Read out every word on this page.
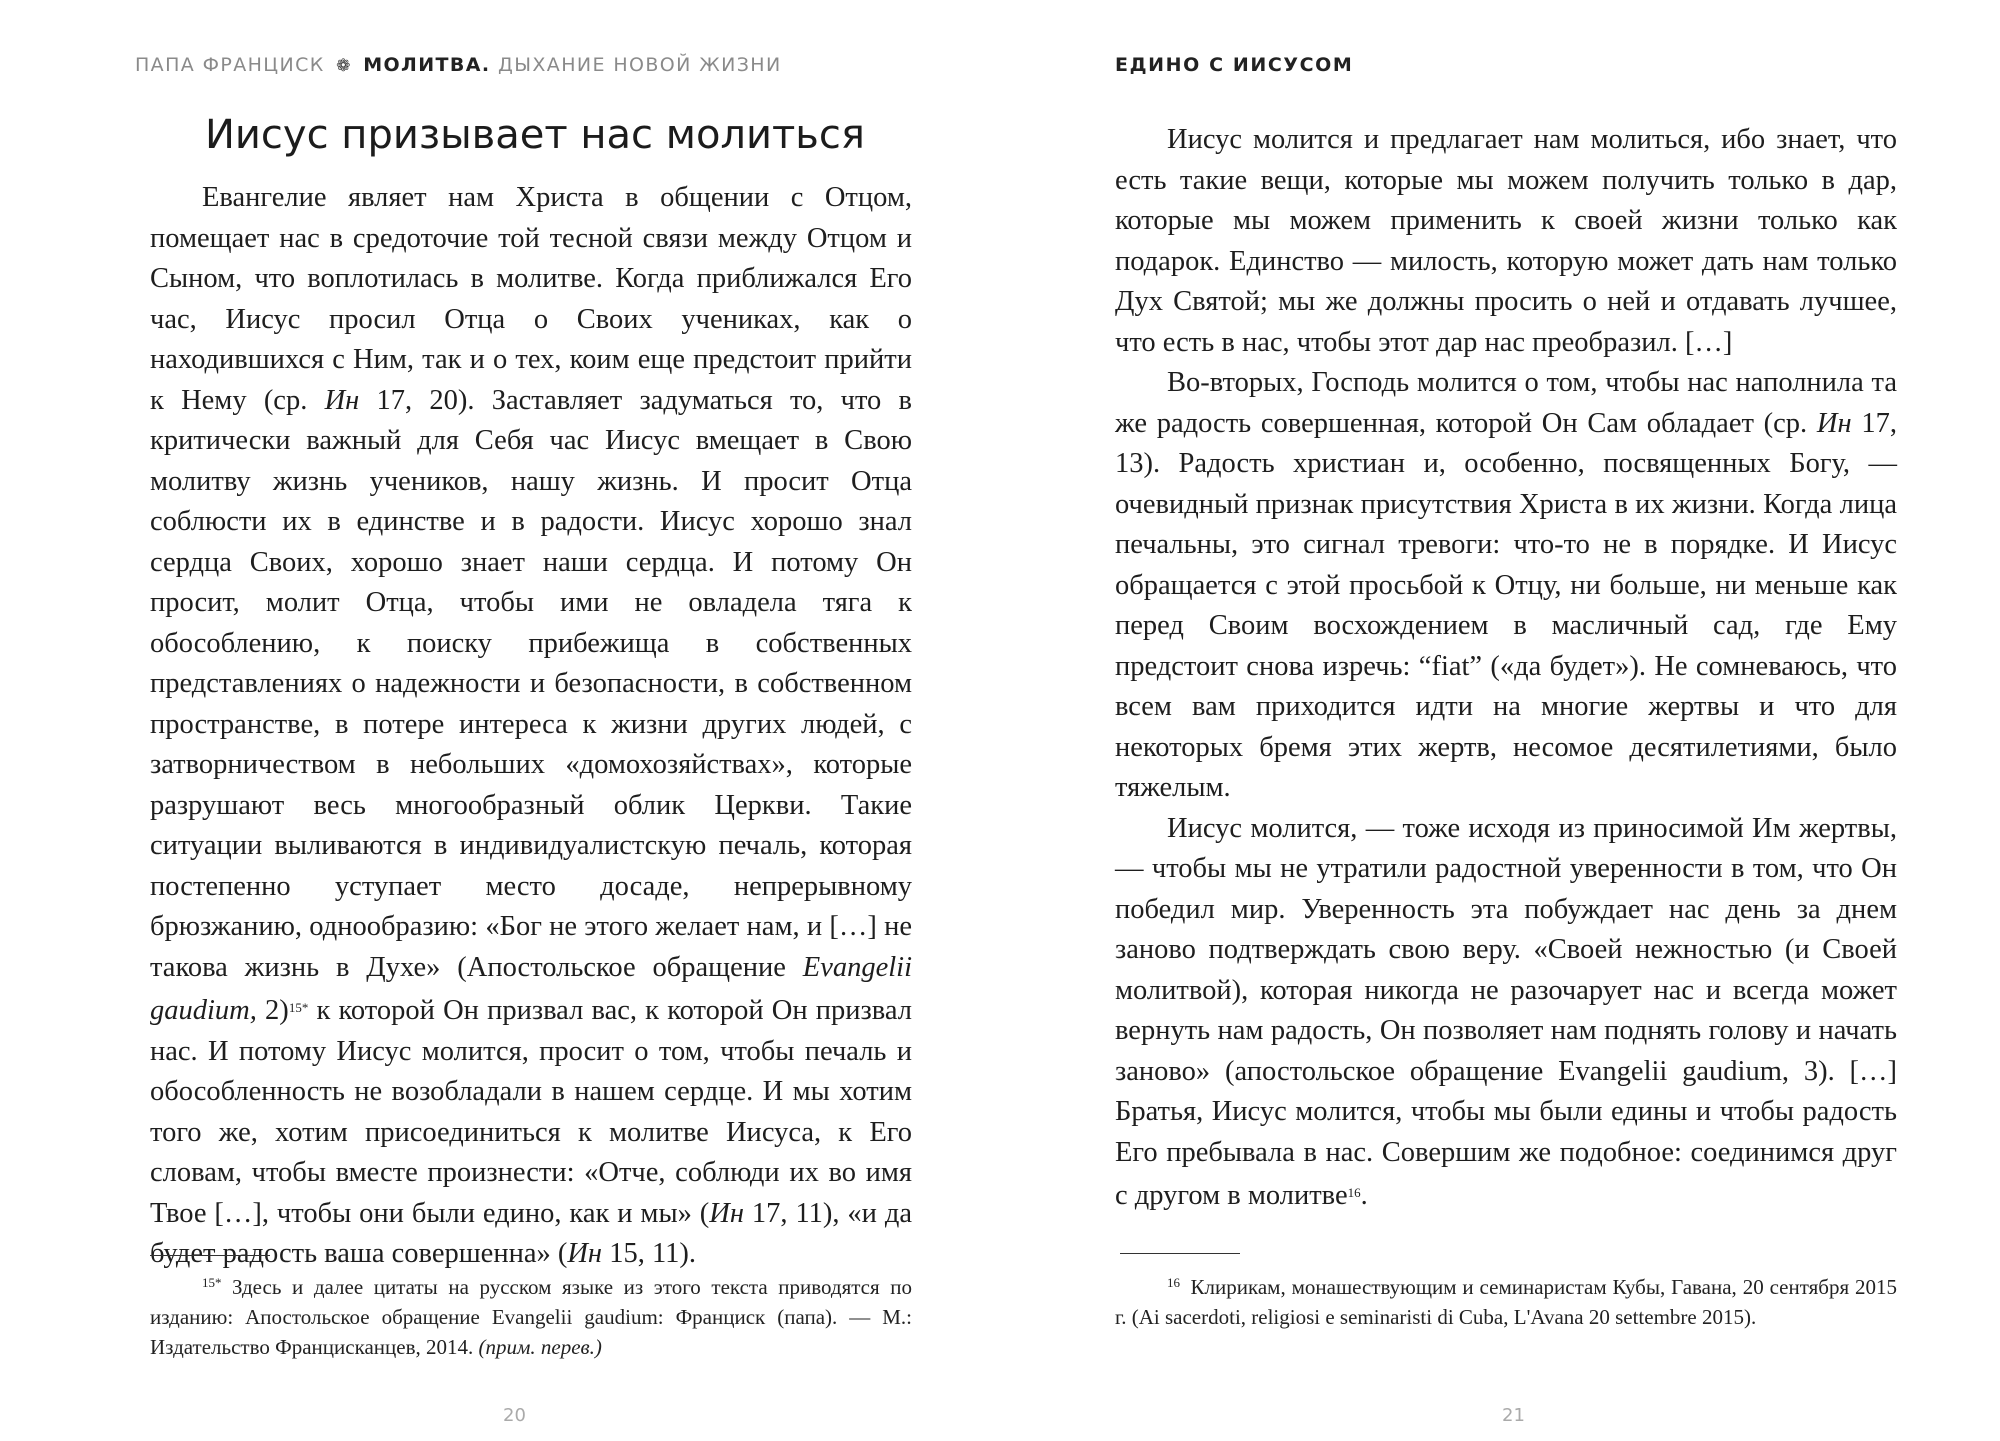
ПАПА ФРАНЦИСК ❁ МОЛИТВА. ДЫХАНИЕ НОВОЙ ЖИЗНИ
Иисус призывает нас молиться

Евангелие являет нам Христа в общении с Отцом, помещает нас в средоточие той тесной связи между Отцом и Сыном, что воплотилась в молитве. Когда приближался Его час, Иисус просил Отца о Своих учениках, как о находившихся с Ним, так и о тех, коим еще предстоит прийти к Нему (ср. Ин 17, 20). Заставляет задуматься то, что в критически важный для Себя час Иисус вмещает в Свою молитву жизнь учеников, нашу жизнь. И просит Отца соблюсти их в единстве и в радости. Иисус хорошо знал сердца Своих, хорошо знает наши сердца. И потому Он просит, молит Отца, чтобы ими не овладела тяга к обособлению, к поиску прибежища в собственных представлениях о надежности и безопасности, в собственном пространстве, в потере интереса к жизни других людей, с затворничеством в небольших «домохозяйствах», которые разрушают весь многообразный облик Церкви. Такие ситуации выливаются в индивидуалистскую печаль, которая постепенно уступает место досаде, непрерывному брюзжанию, однообразию: «Бог не этого желает нам, и […] не такова жизнь в Духе» (Апостольское обращение Evangelii gaudium, 2)$^{15*}$ к которой Он призвал вас, к которой Он призвал нас. И потому Иисус молится, просит о том, чтобы печаль и обособленность не возобладали в нашем сердце. И мы хотим того же, хотим присоединиться к молитве Иисуса, к Его словам, чтобы вместе произнести: «Отче, соблюди их во имя Твое […], чтобы они были едино, как и мы» (Ин 17, 11), «и да будет радость ваша совершенна» (Ин 15, 11).

$^{15*}$  Здесь и далее цитаты на русском языке из этого текста приводятся по изданию: Апостольское обращение Evangelii gaudium: Франциск (папа). — М.: Издательство Францисканцев, 2014. (прим. перев.)

20
ЕДИНО С ИИСУСОМ

Иисус молится и предлагает нам молиться, ибо знает, что есть такие вещи, которые мы можем получить только в дар, которые мы можем применить к своей жизни только как подарок. Единство — милость, которую может дать нам только Дух Святой; мы же должны просить о ней и отдавать лучшее, что есть в нас, чтобы этот дар нас преобразил. […]

Во-вторых, Господь молится о том, чтобы нас наполнила та же радость совершенная, которой Он Сам обладает (ср. Ин 17, 13). Радость христиан и, особенно, посвященных Богу, — очевидный признак присутствия Христа в их жизни. Когда лица печальны, это сигнал тревоги: что-то не в порядке. И Иисус обращается с этой просьбой к Отцу, ни больше, ни меньше как перед Своим восхождением в масличный сад, где Ему предстоит снова изречь: “fiat” («да будет»). Не сомневаюсь, что всем вам приходится идти на многие жертвы и что для некоторых бремя этих жертв, несомое десятилетиями, было тяжелым.

Иисус молится, — тоже исходя из приносимой Им жертвы, — чтобы мы не утратили радостной уверенности в том, что Он победил мир. Уверенность эта побуждает нас день за днем заново подтверждать свою веру. «Своей нежностью (и Своей молитвой), которая никогда не разочарует нас и всегда может вернуть нам радость, Он позволяет нам поднять голову и начать заново» (апостольское обращение Evangelii gaudium, 3). […] Братья, Иисус молится, чтобы мы были едины и чтобы радость Его пребывала в нас. Совершим же подобное: соединимся друг с другом в молитве$^{16}$.

$^{16}$  Клирикам, монашествующим и семинаристам Кубы, Гавана, 20 сентября 2015 г. (Ai sacerdoti, religiosi e seminaristi di Cuba, L'Avana 20 settembre 2015).

21
